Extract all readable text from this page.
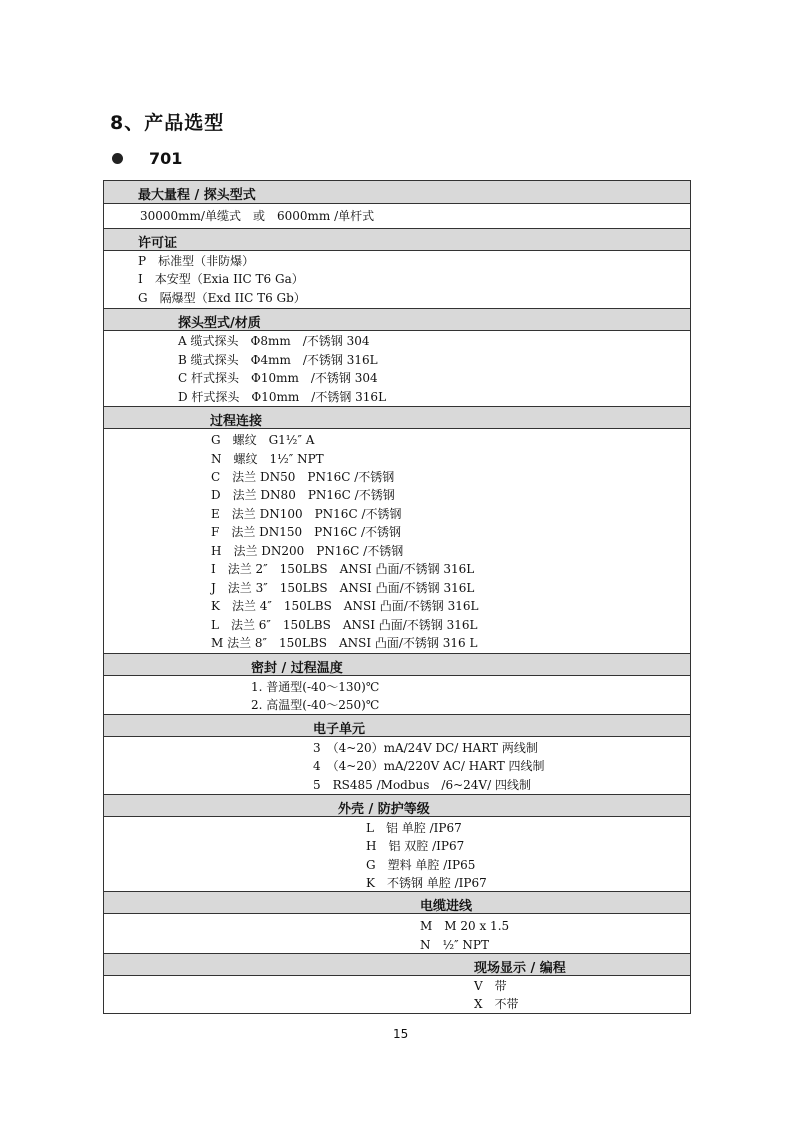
8、产品选型
701
最大量程 / 探头型式
30000mm/单缆式　或　6000mm /单杆式
许可证
P　标准型（非防爆）
I　本安型（Exia IIC T6 Ga）
G　隔爆型（Exd IIC T6 Gb）
探头型式/材质
A 缆式探头　Φ8mm　/不锈钢 304
B 缆式探头　Φ4mm　/不锈钢 316L
C 杆式探头　Φ10mm　/不锈钢 304
D 杆式探头　Φ10mm　/不锈钢 316L
过程连接
G　螺纹　G1½″ A
N　螺纹　1½″ NPT
C　法兰 DN50　PN16C /不锈钢
D　法兰 DN80　PN16C /不锈钢
E　法兰 DN100　PN16C /不锈钢
F　法兰 DN150　PN16C /不锈钢
H　法兰 DN200　PN16C /不锈钢
I　法兰 2″　150LBS　ANSI 凸面/不锈钢 316L
J　法兰 3″　150LBS　ANSI 凸面/不锈钢 316L
K　法兰 4″　150LBS　ANSI 凸面/不锈钢 316L
L　法兰 6″　150LBS　ANSI 凸面/不锈钢 316L
M 法兰 8″　150LBS　ANSI 凸面/不锈钢 316 L
密封 / 过程温度
1. 普通型(-40～130)℃
2. 高温型(-40～250)℃
电子单元
3　（4~20）mA/24V DC/ HART 两线制
4　（4~20）mA/220V AC/ HART 四线制
5　RS485 /Modbus　/6~24V/ 四线制
外壳 / 防护等级
L　铝 单腔 /IP67
H　铝 双腔 /IP67
G　塑料 单腔 /IP65
K　不锈钢 单腔 /IP67
电缆进线
M　M 20 x 1.5
N　½″ NPT
现场显示 / 编程
V　带
X　不带
15
